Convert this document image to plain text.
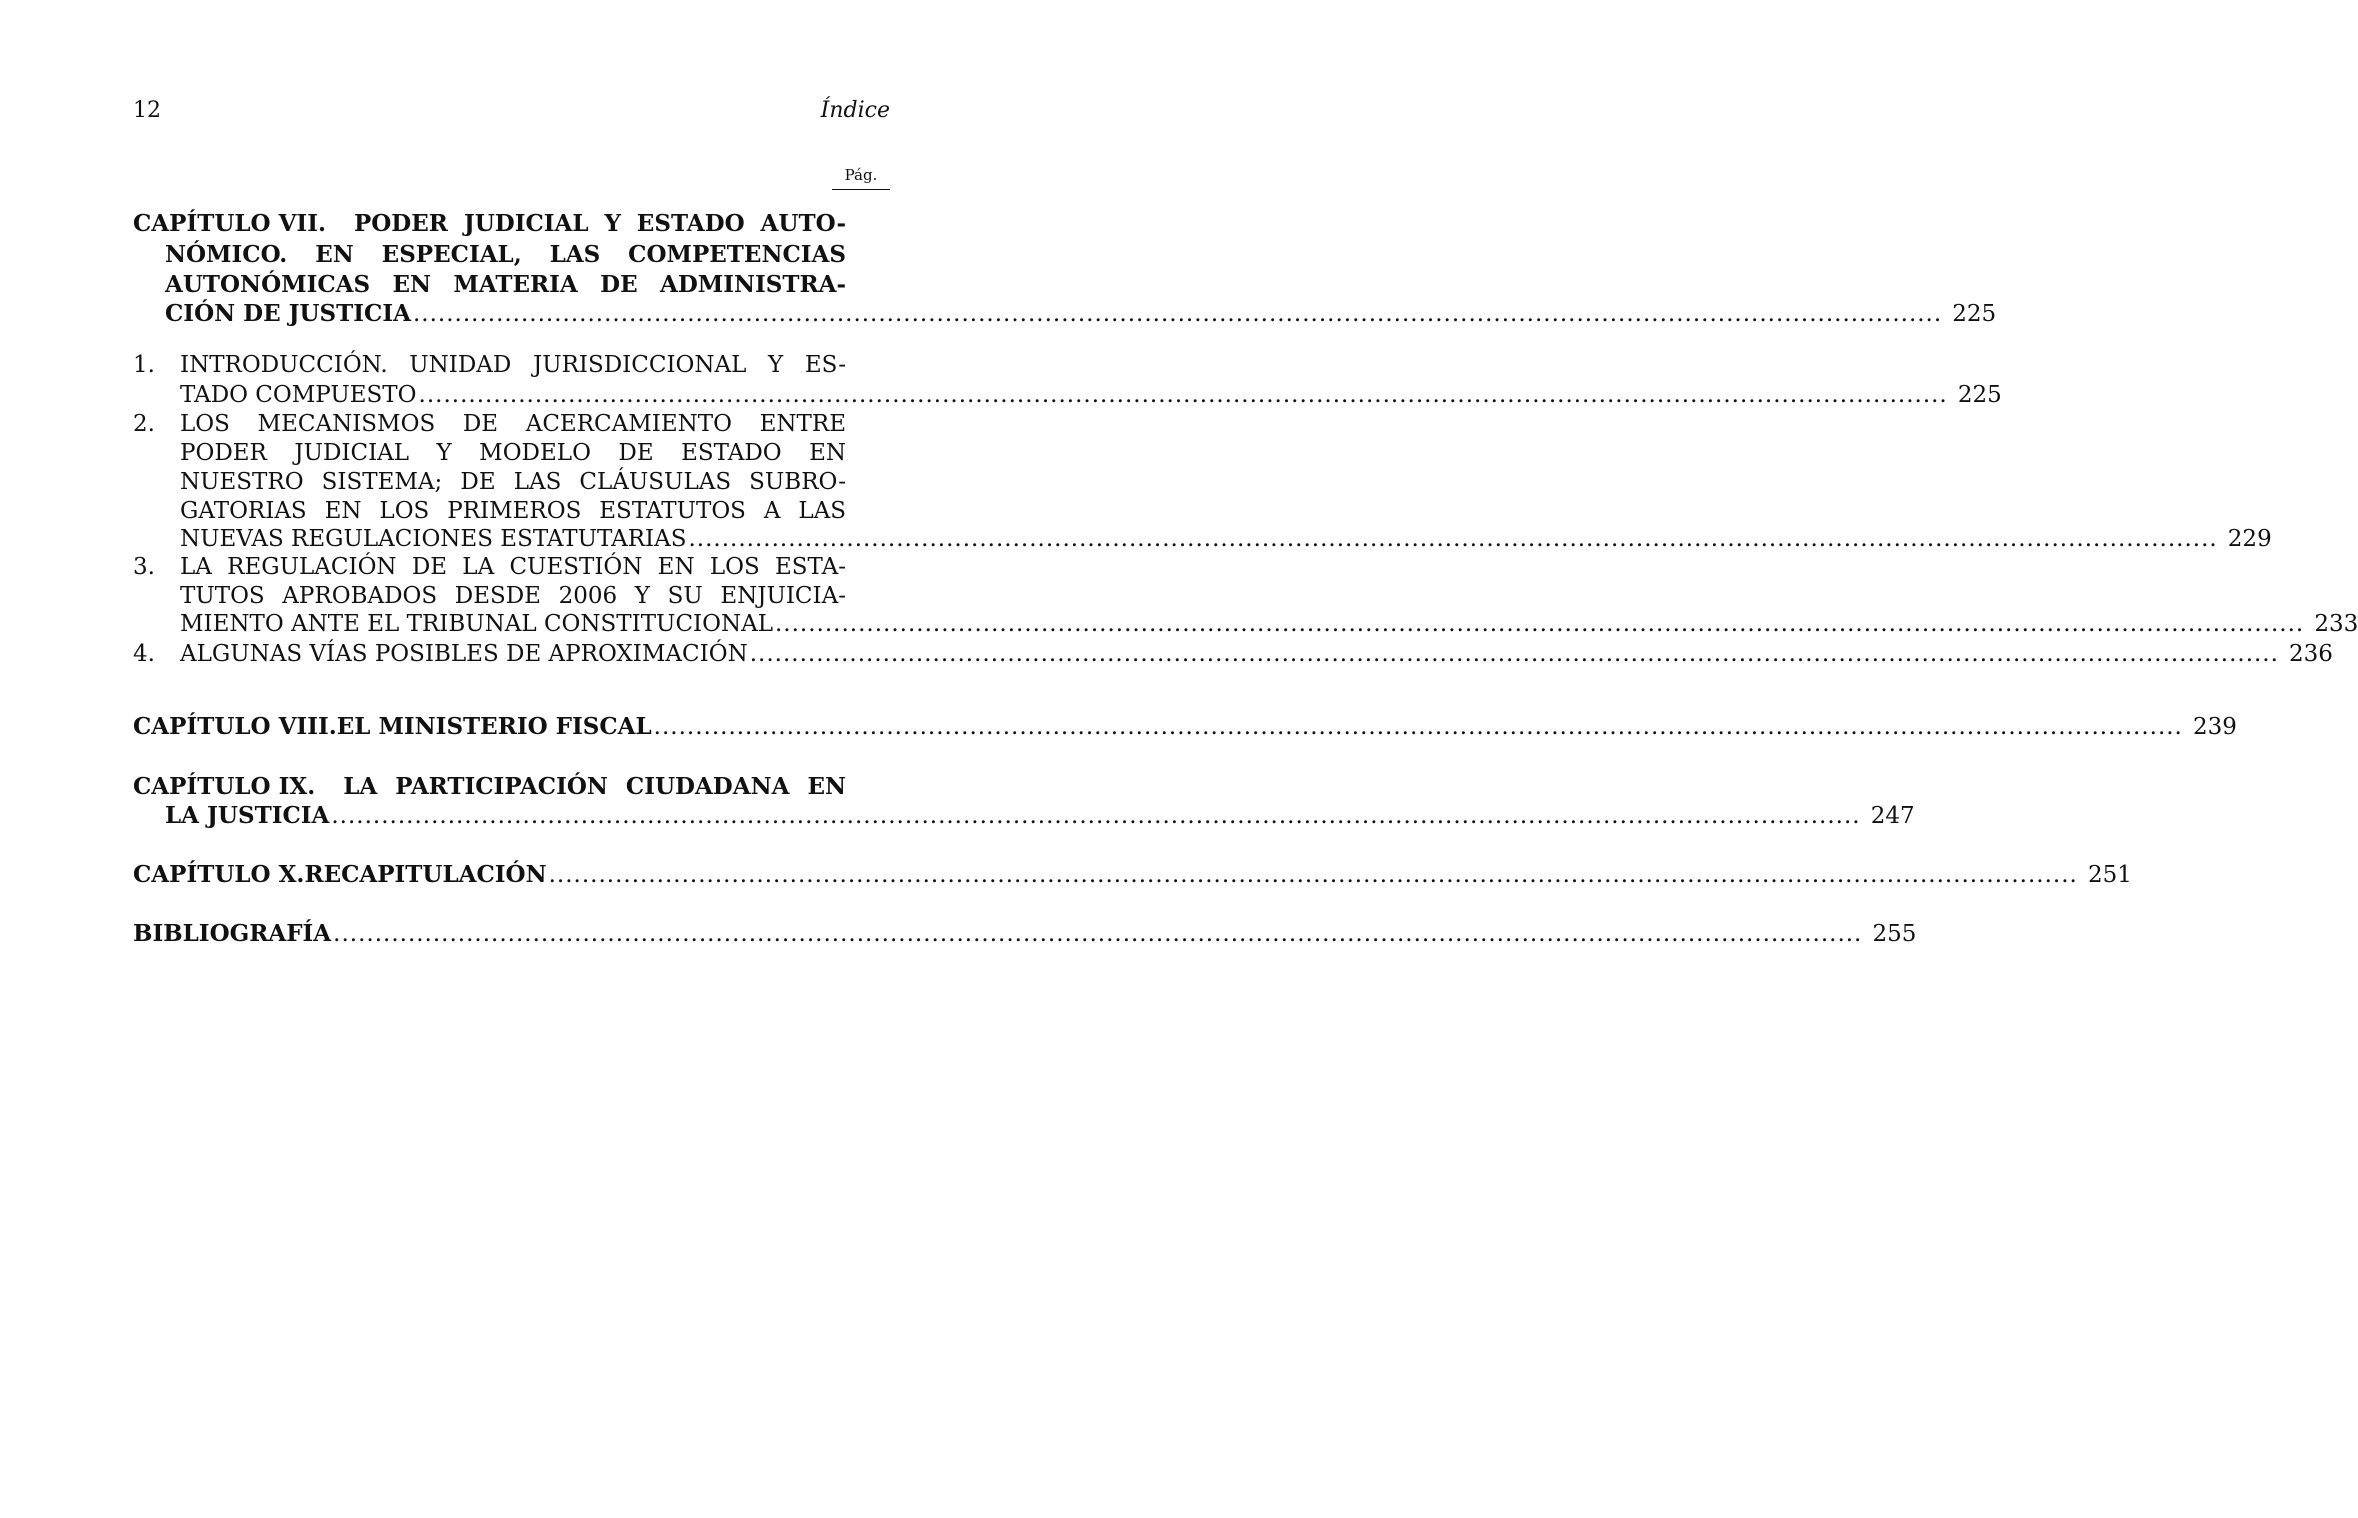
12	Índice
Pág.
CAPÍTULO VII. PODER JUDICIAL Y ESTADO AUTO-
NÓMICO. EN ESPECIAL, LAS COMPETENCIAS
AUTONÓMICAS EN MATERIA DE ADMINISTRA-
CIÓN DE JUSTICIA ........................................................................................................................................................................................ 225
1.	INTRODUCCIÓN. UNIDAD JURISDICCIONAL Y ES-
TADO COMPUESTO ........................................................................................................................................................................................ 225
2.	LOS MECANISMOS DE ACERCAMIENTO ENTRE
PODER JUDICIAL Y MODELO DE ESTADO EN
NUESTRO SISTEMA; DE LAS CLÁUSULAS SUBRO-
GATORIAS EN LOS PRIMEROS ESTATUTOS A LAS
NUEVAS REGULACIONES ESTATUTARIAS ........................................................................................................................................................................................ 229
3.	LA REGULACIÓN DE LA CUESTIÓN EN LOS ESTA-
TUTOS APROBADOS DESDE 2006 Y SU ENJUICIA-
MIENTO ANTE EL TRIBUNAL CONSTITUCIONAL ........................................................................................................................................................................................ 233
4.	ALGUNAS VÍAS POSIBLES DE APROXIMACIÓN ........................................................................................................................................................................................ 236
CAPÍTULO VIII. EL MINISTERIO FISCAL ........................................................................................................................................................................................ 239
CAPÍTULO IX. LA PARTICIPACIÓN CIUDADANA EN
LA JUSTICIA ........................................................................................................................................................................................ 247
CAPÍTULO X. RECAPITULACIÓN ........................................................................................................................................................................................ 251
BIBLIOGRAFÍA ........................................................................................................................................................................................ 255
